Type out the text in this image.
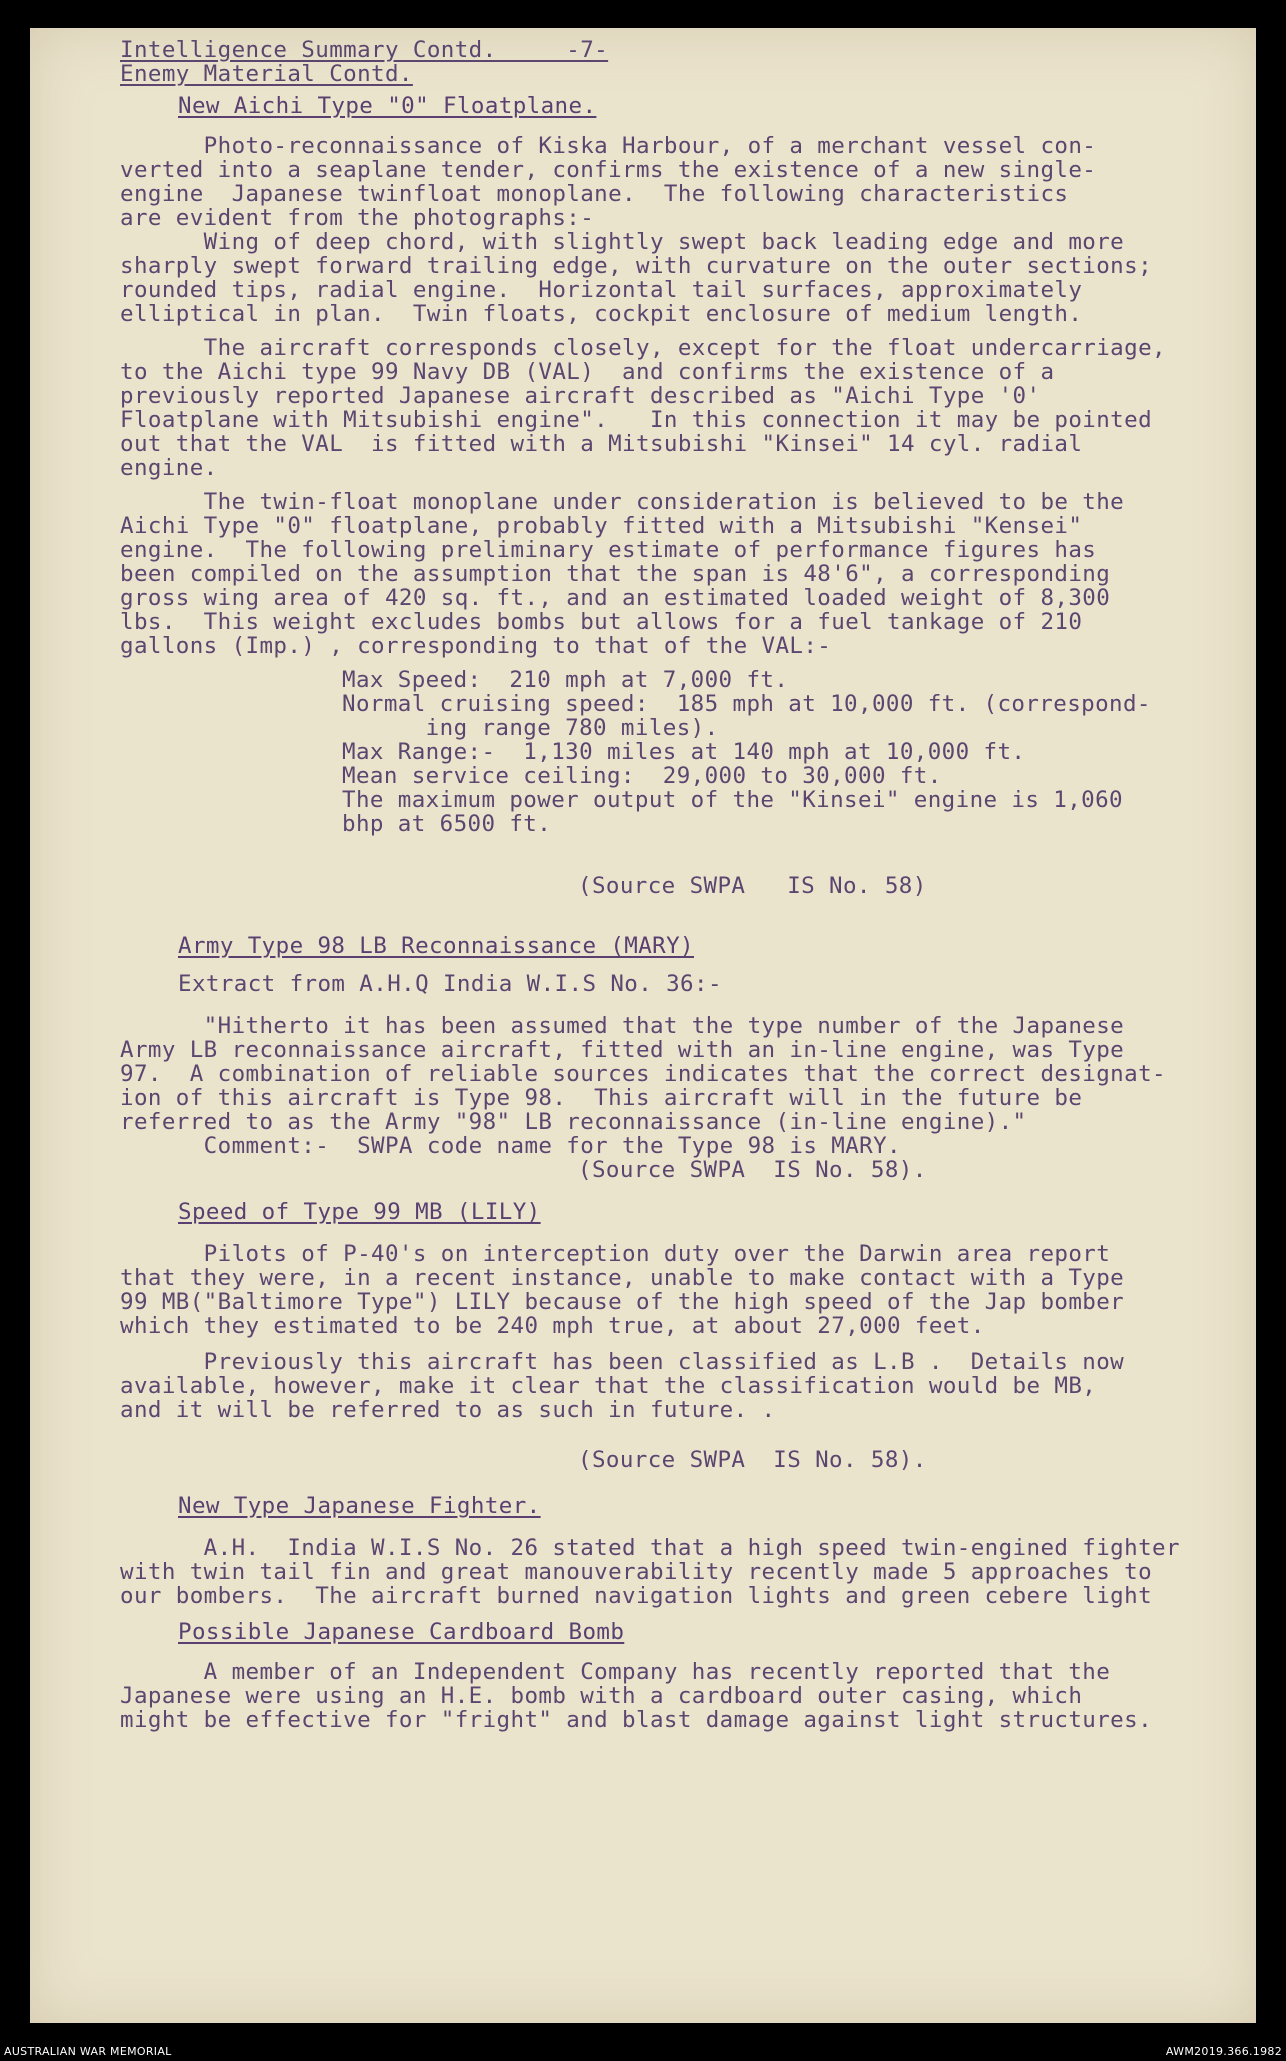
Intelligence Summary Contd.     -7-
Enemy Material Contd.
New Aichi Type "0" Floatplane.
Photo-reconnaissance of Kiska Harbour, of a merchant vessel con-
verted into a seaplane tender, confirms the existence of a new single-
engine  Japanese twinfloat monoplane.  The following characteristics
are evident from the photographs:-
Wing of deep chord, with slightly swept back leading edge and more
sharply swept forward trailing edge, with curvature on the outer sections;
rounded tips, radial engine.  Horizontal tail surfaces, approximately
elliptical in plan.  Twin floats, cockpit enclosure of medium length.
The aircraft corresponds closely, except for the float undercarriage,
to the Aichi type 99 Navy DB (VAL)  and confirms the existence of a
previously reported Japanese aircraft described as "Aichi Type '0'
Floatplane with Mitsubishi engine".   In this connection it may be pointed
out that the VAL  is fitted with a Mitsubishi "Kinsei" 14 cyl. radial
engine.
The twin-float monoplane under consideration is believed to be the
Aichi Type "0" floatplane, probably fitted with a Mitsubishi "Kensei"
engine.  The following preliminary estimate of performance figures has
been compiled on the assumption that the span is 48'6", a corresponding
gross wing area of 420 sq. ft., and an estimated loaded weight of 8,300
lbs.  This weight excludes bombs but allows for a fuel tankage of 210
gallons (Imp.) , corresponding to that of the VAL:-
Max Speed:  210 mph at 7,000 ft.
Normal cruising speed:  185 mph at 10,000 ft. (correspond-
ing range 780 miles).
Max Range:-  1,130 miles at 140 mph at 10,000 ft.
Mean service ceiling:  29,000 to 30,000 ft.
The maximum power output of the "Kinsei" engine is 1,060
bhp at 6500 ft.
(Source SWPA   IS No. 58)
Army Type 98 LB Reconnaissance (MARY)
Extract from A.H.Q India W.I.S No. 36:-
"Hitherto it has been assumed that the type number of the Japanese
Army LB reconnaissance aircraft, fitted with an in-line engine, was Type
97.  A combination of reliable sources indicates that the correct designat-
ion of this aircraft is Type 98.  This aircraft will in the future be
referred to as the Army "98" LB reconnaissance (in-line engine)."
Comment:-  SWPA code name for the Type 98 is MARY.
(Source SWPA  IS No. 58).
Speed of Type 99 MB (LILY)
Pilots of P-40's on interception duty over the Darwin area report
that they were, in a recent instance, unable to make contact with a Type
99 MB("Baltimore Type") LILY because of the high speed of the Jap bomber
which they estimated to be 240 mph true, at about 27,000 feet.
Previously this aircraft has been classified as L.B .  Details now
available, however, make it clear that the classification would be MB,
and it will be referred to as such in future. .
(Source SWPA  IS No. 58).
New Type Japanese Fighter.
A.H.  India W.I.S No. 26 stated that a high speed twin-engined fighter
with twin tail fin and great manouverability recently made 5 approaches to
our bombers.  The aircraft burned navigation lights and green cebere light
Possible Japanese Cardboard Bomb
A member of an Independent Company has recently reported that the
Japanese were using an H.E. bomb with a cardboard outer casing, which
might be effective for "fright" and blast damage against light structures.
AUSTRALIAN WAR MEMORIAL	AWM2019.366.1982
